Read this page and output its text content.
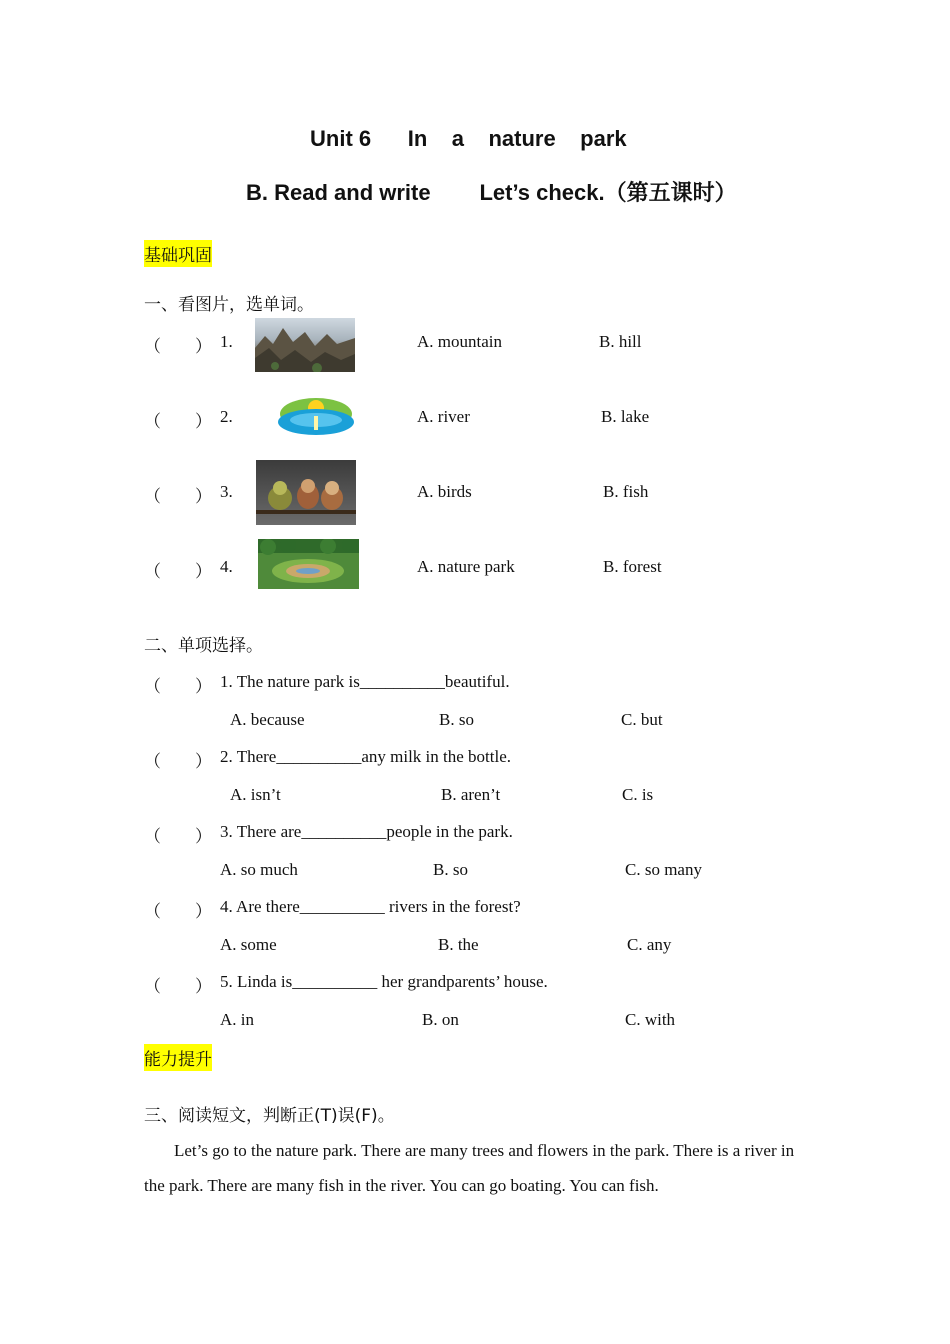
Unit 6      In    a    nature    park
B. Read and write        Let’s check.（第五课时）
基础巩固
一、看图片，选单词。
（        ） 1.	A. mountain	B. hill
（        ） 2.	A. river	B. lake
（        ） 3.	A. birds	B. fish
（        ） 4.	A. nature park	B. forest
二、单项选择。
（        ） 1. The nature park is__________beautiful.
A. because	B. so	C. but
（        ） 2. There__________any milk in the bottle.
A. isn’t	B. aren’t	C. is
（        ） 3. There are__________people in the park.
A. so much	B. so	C. so many
（        ） 4. Are there__________ rivers in the forest?
A. some	B. the	C. any
（        ） 5. Linda is__________ her grandparents’ house.
A. in	B. on	C. with
能力提升
三、阅读短文，判断正(T)误(F)。
Let’s go to the nature park. There are many trees and flowers in the park. There is a river in the park. There are many fish in the river. You can go boating. You can fish.
